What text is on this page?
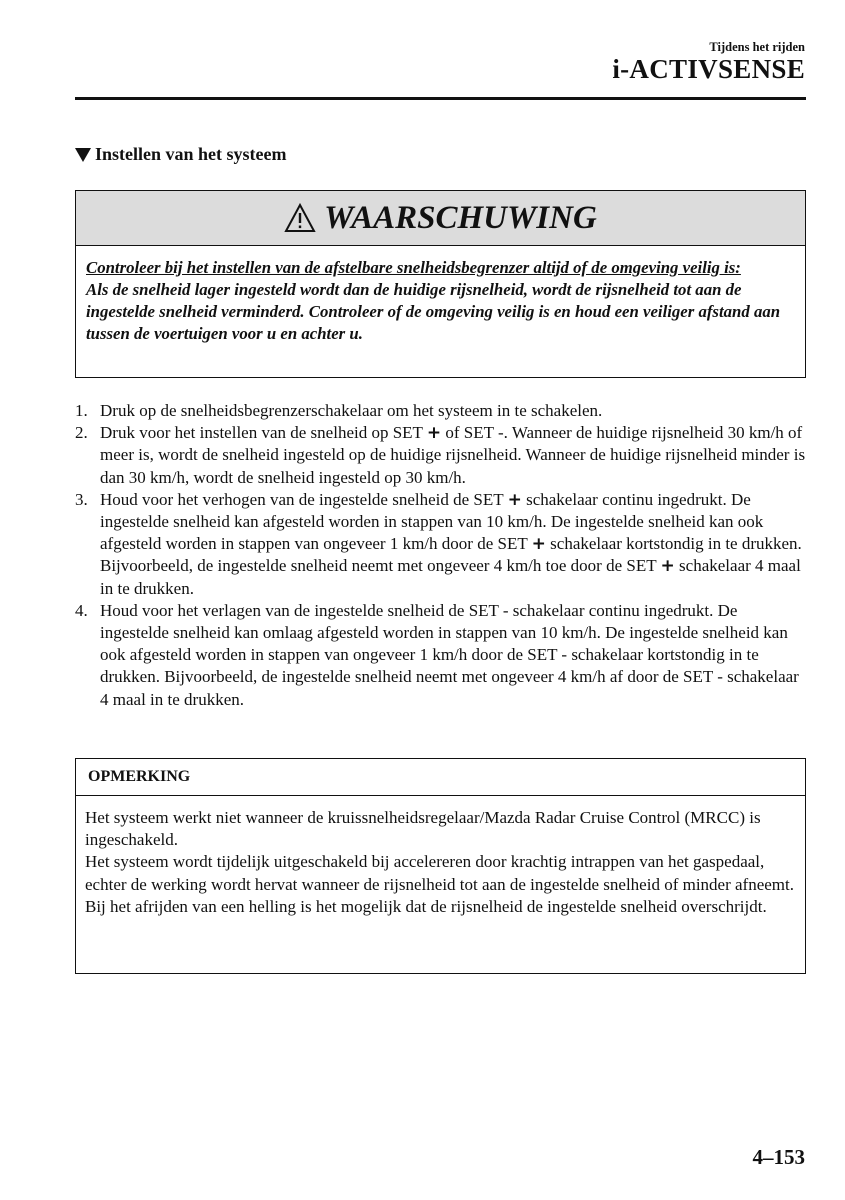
Tijdens het rijden
i-ACTIVSENSE
Instellen van het systeem
WAARSCHUWING
Controleer bij het instellen van de afstelbare snelheidsbegrenzer altijd of de omgeving veilig is:
Als de snelheid lager ingesteld wordt dan de huidige rijsnelheid, wordt de rijsnelheid tot aan de ingestelde snelheid verminderd. Controleer of de omgeving veilig is en houd een veiliger afstand aan tussen de voertuigen voor u en achter u.
1. Druk op de snelheidsbegrenzerschakelaar om het systeem in te schakelen.
2. Druk voor het instellen van de snelheid op SET + of SET -. Wanneer de huidige rijsnelheid 30 km/h of meer is, wordt de snelheid ingesteld op de huidige rijsnelheid. Wanneer de huidige rijsnelheid minder is dan 30 km/h, wordt de snelheid ingesteld op 30 km/h.
3. Houd voor het verhogen van de ingestelde snelheid de SET + schakelaar continu ingedrukt. De ingestelde snelheid kan afgesteld worden in stappen van 10 km/h. De ingestelde snelheid kan ook afgesteld worden in stappen van ongeveer 1 km/h door de SET + schakelaar kortstondig in te drukken. Bijvoorbeeld, de ingestelde snelheid neemt met ongeveer 4 km/h toe door de SET + schakelaar 4 maal in te drukken.
4. Houd voor het verlagen van de ingestelde snelheid de SET - schakelaar continu ingedrukt. De ingestelde snelheid kan omlaag afgesteld worden in stappen van 10 km/h. De ingestelde snelheid kan ook afgesteld worden in stappen van ongeveer 1 km/h door de SET - schakelaar kortstondig in te drukken. Bijvoorbeeld, de ingestelde snelheid neemt met ongeveer 4 km/h af door de SET - schakelaar 4 maal in te drukken.
OPMERKING
Het systeem werkt niet wanneer de kruissnelheidsregelaar/Mazda Radar Cruise Control (MRCC) is ingeschakeld.
Het systeem wordt tijdelijk uitgeschakeld bij accelereren door krachtig intrappen van het gaspedaal, echter de werking wordt hervat wanneer de rijsnelheid tot aan de ingestelde snelheid of minder afneemt.
Bij het afrijden van een helling is het mogelijk dat de rijsnelheid de ingestelde snelheid overschrijdt.
4–153
